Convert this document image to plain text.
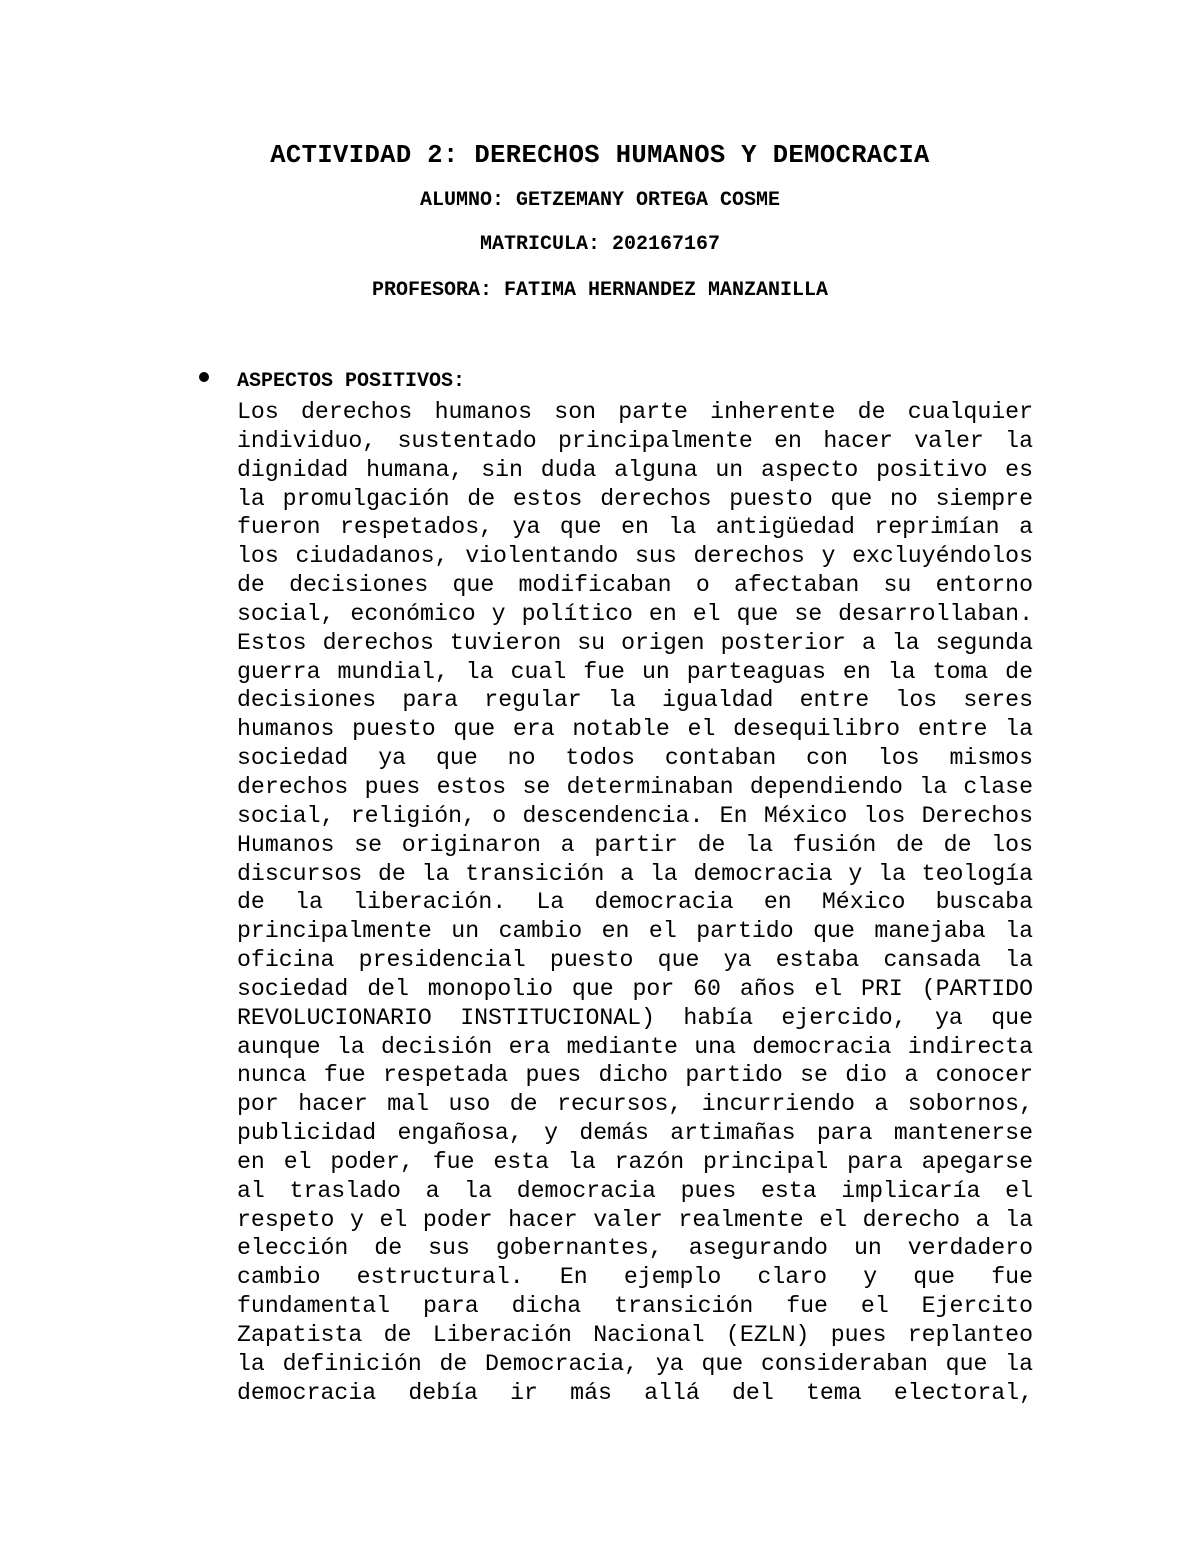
ACTIVIDAD 2: DERECHOS HUMANOS Y DEMOCRACIA
ALUMNO: GETZEMANY ORTEGA COSME
MATRICULA: 202167167
PROFESORA: FATIMA HERNANDEZ MANZANILLA
ASPECTOS POSITIVOS:
Los derechos humanos son parte inherente de cualquier
individuo, sustentado principalmente en hacer valer la
dignidad humana, sin duda alguna un aspecto positivo es
la promulgación de estos derechos puesto que no siempre
fueron respetados, ya que en la antigüedad reprimían a
los ciudadanos, violentando sus derechos y excluyéndolos
de decisiones que modificaban o afectaban su entorno
social, económico y político en el que se desarrollaban.
Estos derechos tuvieron su origen posterior a la segunda
guerra mundial, la cual fue un parteaguas en la toma de
decisiones para regular la igualdad entre los seres
humanos puesto que era notable el desequilibro entre la
sociedad ya que no todos contaban con los mismos
derechos pues estos se determinaban dependiendo la clase
social, religión, o descendencia. En México los Derechos
Humanos se originaron a partir de la fusión de de los
discursos de la transición a la democracia y la teología
de la liberación. La democracia en México buscaba
principalmente un cambio en el partido que manejaba la
oficina presidencial puesto que ya estaba cansada la
sociedad del monopolio que por 60 años el PRI (PARTIDO
REVOLUCIONARIO INSTITUCIONAL) había ejercido, ya que
aunque la decisión era mediante una democracia indirecta
nunca fue respetada pues dicho partido se dio a conocer
por hacer mal uso de recursos, incurriendo a sobornos,
publicidad engañosa, y demás artimañas para mantenerse
en el poder, fue esta la razón principal para apegarse
al traslado a la democracia pues esta implicaría el
respeto y el poder hacer valer realmente el derecho a la
elección de sus gobernantes, asegurando un verdadero
cambio estructural. En ejemplo claro y que fue
fundamental para dicha transición fue el Ejercito
Zapatista de Liberación Nacional (EZLN) pues replanteo
la definición de Democracia, ya que consideraban que la
democracia debía ir más allá del tema electoral,
